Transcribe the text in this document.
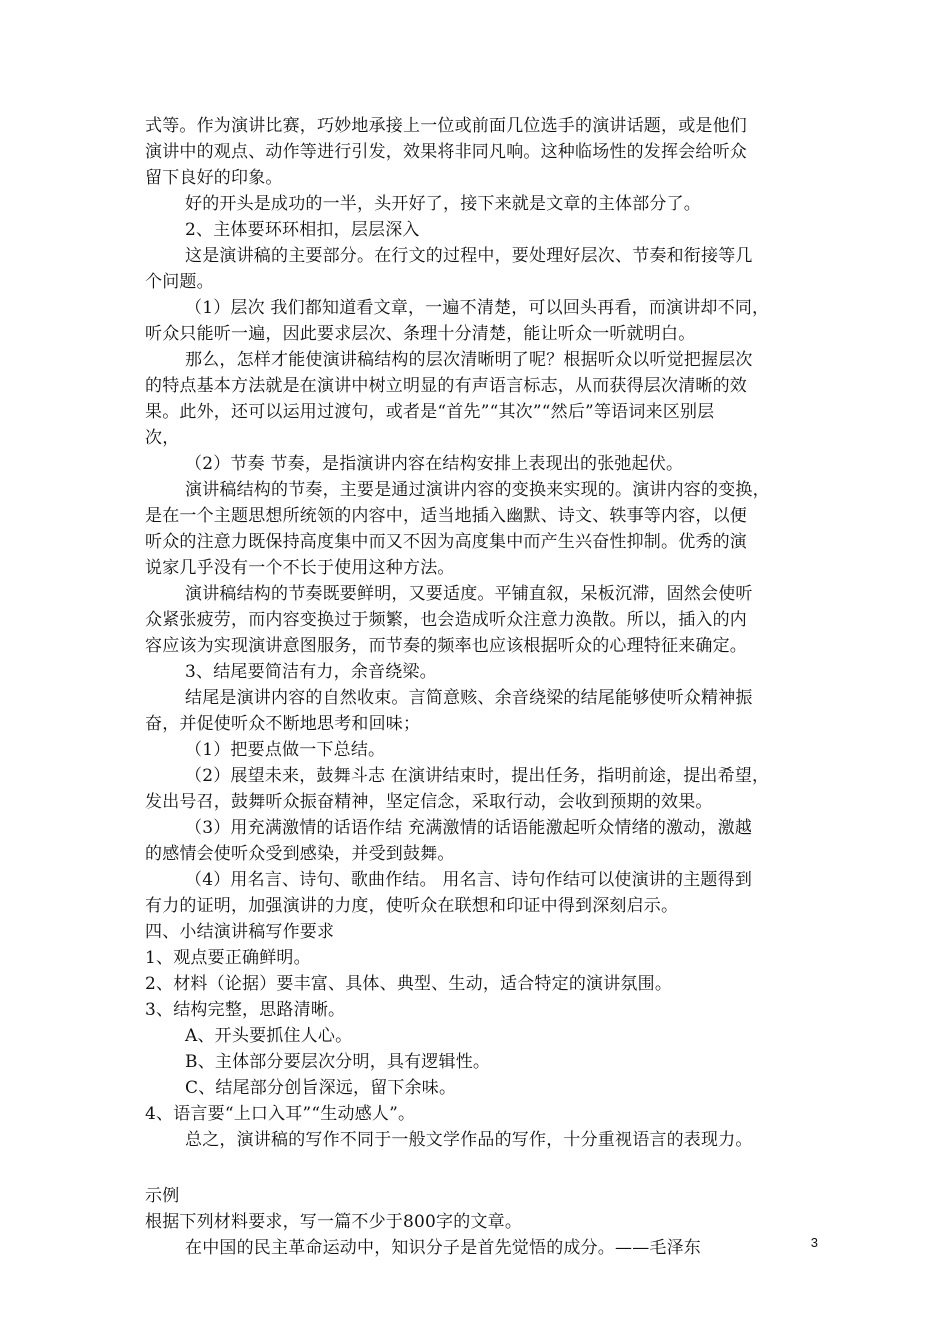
式等。作为演讲比赛，巧妙地承接上一位或前面几位选手的演讲话题，或是他们
演讲中的观点、动作等进行引发，效果将非同凡响。这种临场性的发挥会给听众
留下良好的印象。
好的开头是成功的一半，头开好了，接下来就是文章的主体部分了。
2、主体要环环相扣，层层深入
这是演讲稿的主要部分。在行文的过程中，要处理好层次、节奏和衔接等几
个问题。
（1）层次 我们都知道看文章，一遍不清楚，可以回头再看，而演讲却不同，
听众只能听一遍，因此要求层次、条理十分清楚，能让听众一听就明白。
那么，怎样才能使演讲稿结构的层次清晰明了呢？根据听众以听觉把握层次
的特点基本方法就是在演讲中树立明显的有声语言标志，从而获得层次清晰的效
果。此外，还可以运用过渡句，或者是“首先”“其次”“然后”等语词来区别层
次，
（2）节奏 节奏，是指演讲内容在结构安排上表现出的张弛起伏。
演讲稿结构的节奏，主要是通过演讲内容的变换来实现的。演讲内容的变换，
是在一个主题思想所统领的内容中，适当地插入幽默、诗文、轶事等内容，以便
听众的注意力既保持高度集中而又不因为高度集中而产生兴奋性抑制。优秀的演
说家几乎没有一个不长于使用这种方法。
演讲稿结构的节奏既要鲜明，又要适度。平铺直叙，呆板沉滞，固然会使听
众紧张疲劳，而内容变换过于频繁，也会造成听众注意力涣散。所以，插入的内
容应该为实现演讲意图服务，而节奏的频率也应该根据听众的心理特征来确定。
3、结尾要简洁有力，余音绕梁。
结尾是演讲内容的自然收束。言简意赅、余音绕梁的结尾能够使听众精神振
奋，并促使听众不断地思考和回味；
（1）把要点做一下总结。
（2）展望未来，鼓舞斗志 在演讲结束时，提出任务，指明前途，提出希望，
发出号召，鼓舞听众振奋精神，坚定信念，采取行动，会收到预期的效果。
（3）用充满激情的话语作结 充满激情的话语能激起听众情绪的激动，激越
的感情会使听众受到感染，并受到鼓舞。
（4）用名言、诗句、歌曲作结。 用名言、诗句作结可以使演讲的主题得到
有力的证明，加强演讲的力度，使听众在联想和印证中得到深刻启示。
四、小结演讲稿写作要求
1、观点要正确鲜明。
2、材料（论据）要丰富、具体、典型、生动，适合特定的演讲氛围。
3、结构完整，思路清晰。
A、开头要抓住人心。
B、主体部分要层次分明，具有逻辑性。
C、结尾部分创旨深远，留下余味。
4、语言要“上口入耳”“生动感人”。
总之，演讲稿的写作不同于一般文学作品的写作，十分重视语言的表现力。
示例
根据下列材料要求，写一篇不少于800字的文章。
在中国的民主革命运动中，知识分子是首先觉悟的成分。——毛泽东	3
